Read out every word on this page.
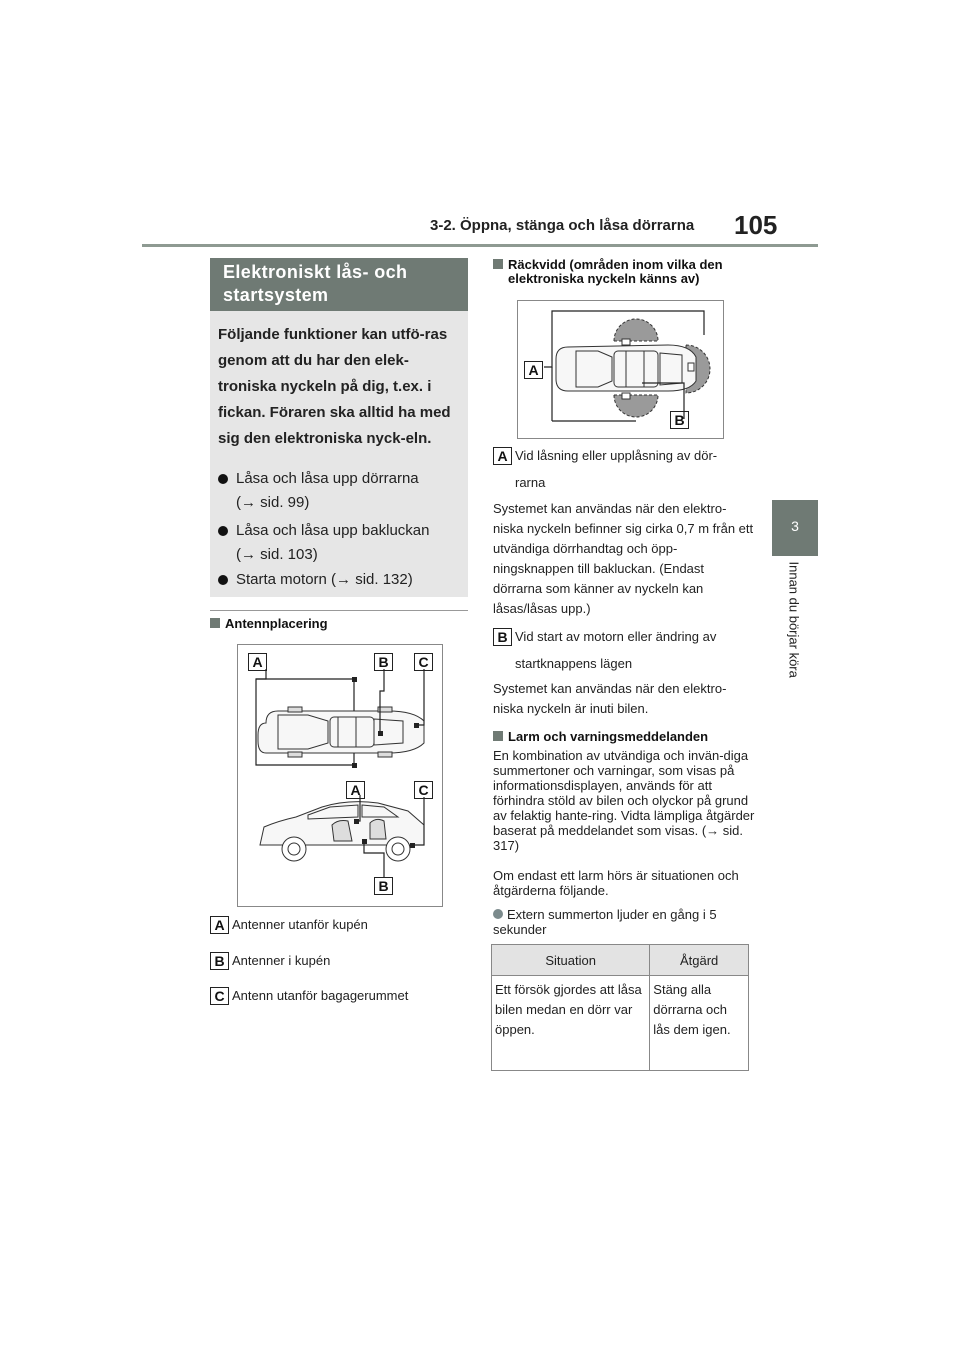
3-2. Öppna, stänga och låsa dörrarna 105
3
Innan du börjar köra
Elektroniskt lås- och
startsystem
Följande funktioner kan utfö-ras genom att du har den elek-troniska nyckeln på dig, t.ex. i fickan. Föraren ska alltid ha med sig den elektroniska nyck-eln.
Låsa och låsa upp dörrarna
(→ sid. 99)
Låsa och låsa upp bakluckan
(→ sid. 103)
Starta motorn (→ sid. 132)
Antennplacering
A	B	C
A	C
B
A Antenner utanför kupén
B Antenner i kupén
C Antenn utanför bagagerummet
Räckvidd (områden inom vilka den
elektroniska nyckeln känns av)
A
B
A Vid låsning eller upplåsning av dör-
rarna
Systemet kan användas när den elektro-niska nyckeln befinner sig cirka 0,7 m från ett utvändiga dörrhandtag och öpp-ningsknappen till bakluckan. (Endast dörrarna som känner av nyckeln kan låsas/låsas upp.)
B Vid start av motorn eller ändring av
startknappens lägen
Systemet kan användas när den elektro-niska nyckeln är inuti bilen.
Larm och varningsmeddelanden
En kombination av utvändiga och invän-diga summertoner och varningar, som visas på informationsdisplayen, används för att förhindra stöld av bilen och olyckor på grund av felaktig hante-ring. Vidta lämpliga åtgärder baserat på meddelandet som visas. (→ sid. 317)
Om endast ett larm hörs är situationen och åtgärderna följande.
Extern summerton ljuder en gång i 5 sekunder
Situation	Åtgärd
Ett försök gjordes att låsa bilen medan en dörr var öppen.	Stäng alla dörrarna och lås dem igen.
